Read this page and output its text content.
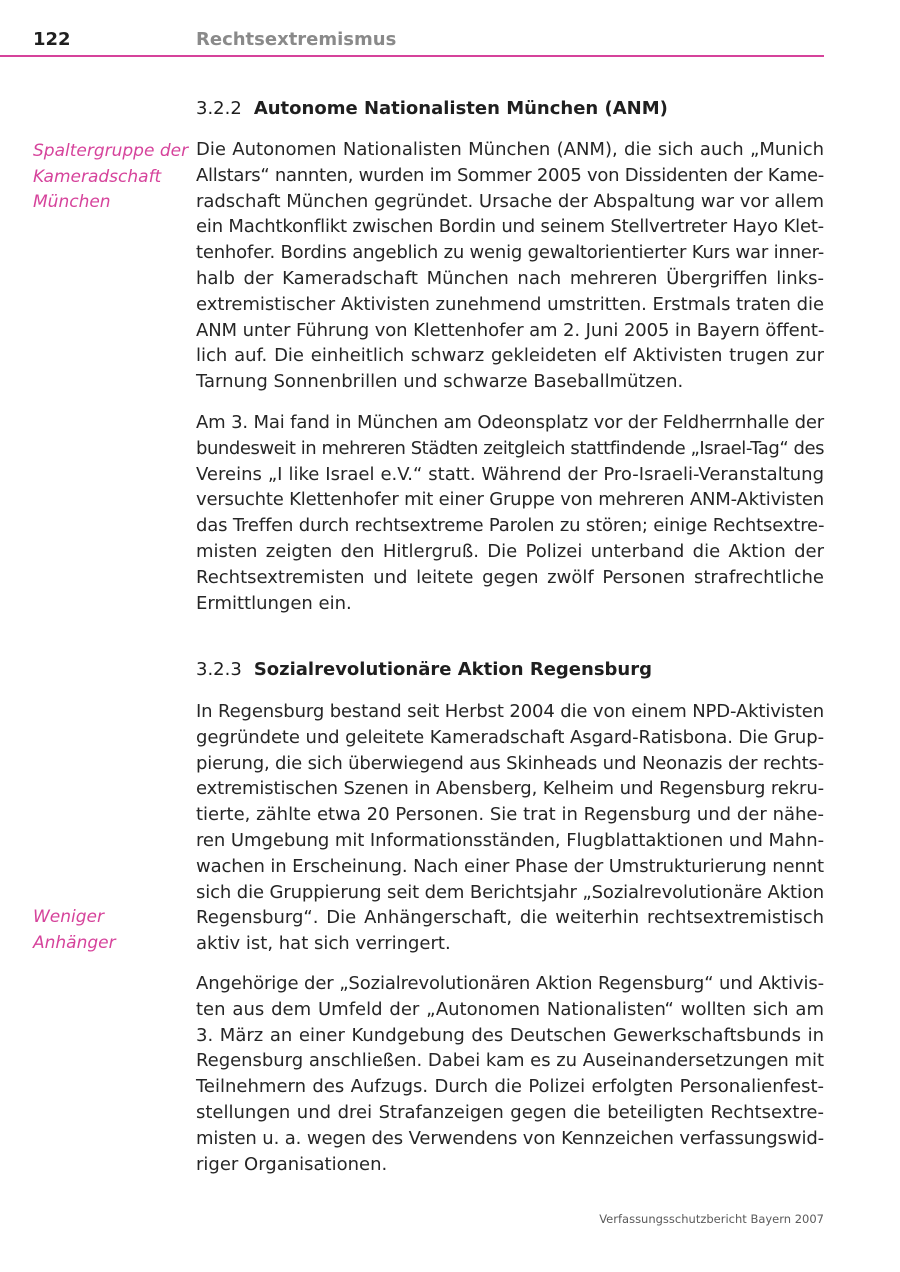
122	Rechtsextremismus
3.2.2 Autonome Nationalisten München (ANM)
Spaltergruppe der
Kameradschaft
München
Die Autonomen Nationalisten München (ANM), die sich auch „Munich
Allstars“ nannten, wurden im Sommer 2005 von Dissidenten der Kame-
radschaft München gegründet. Ursache der Abspaltung war vor allem
ein Machtkonflikt zwischen Bordin und seinem Stellvertreter Hayo Klet-
tenhofer. Bordins angeblich zu wenig gewaltorientierter Kurs war inner-
halb der Kameradschaft München nach mehreren Übergriffen links-
extremistischer Aktivisten zunehmend umstritten. Erstmals traten die
ANM unter Führung von Klettenhofer am 2. Juni 2005 in Bayern öffent-
lich auf. Die einheitlich schwarz gekleideten elf Aktivisten trugen zur
Tarnung Sonnenbrillen und schwarze Baseballmützen.
Am 3. Mai fand in München am Odeonsplatz vor der Feldherrnhalle der
bundesweit in mehreren Städten zeitgleich stattfindende „Israel-Tag“ des
Vereins „I like Israel e.V.“ statt. Während der Pro-Israeli-Veranstaltung
versuchte Klettenhofer mit einer Gruppe von mehreren ANM-Aktivisten
das Treffen durch rechtsextreme Parolen zu stören; einige Rechtsextre-
misten zeigten den Hitlergruß. Die Polizei unterband die Aktion der
Rechtsextremisten und leitete gegen zwölf Personen strafrechtliche
Ermittlungen ein.
3.2.3 Sozialrevolutionäre Aktion Regensburg
In Regensburg bestand seit Herbst 2004 die von einem NPD-Aktivisten
gegründete und geleitete Kameradschaft Asgard-Ratisbona. Die Grup-
pierung, die sich überwiegend aus Skinheads und Neonazis der rechts-
extremistischen Szenen in Abensberg, Kelheim und Regensburg rekru-
tierte, zählte etwa 20 Personen. Sie trat in Regensburg und der nähe-
ren Umgebung mit Informationsständen, Flugblattaktionen und Mahn-
wachen in Erscheinung. Nach einer Phase der Umstrukturierung nennt
sich die Gruppierung seit dem Berichtsjahr „Sozialrevolutionäre Aktion
Regensburg“. Die Anhängerschaft, die weiterhin rechtsextremistisch
aktiv ist, hat sich verringert.
Weniger
Anhänger
Angehörige der „Sozialrevolutionären Aktion Regensburg“ und Aktivis-
ten aus dem Umfeld der „Autonomen Nationalisten“ wollten sich am
3. März an einer Kundgebung des Deutschen Gewerkschaftsbunds in
Regensburg anschließen. Dabei kam es zu Auseinandersetzungen mit
Teilnehmern des Aufzugs. Durch die Polizei erfolgten Personalienfest-
stellungen und drei Strafanzeigen gegen die beteiligten Rechtsextre-
misten u. a. wegen des Verwendens von Kennzeichen verfassungswid-
riger Organisationen.
Verfassungsschutzbericht Bayern 2007
